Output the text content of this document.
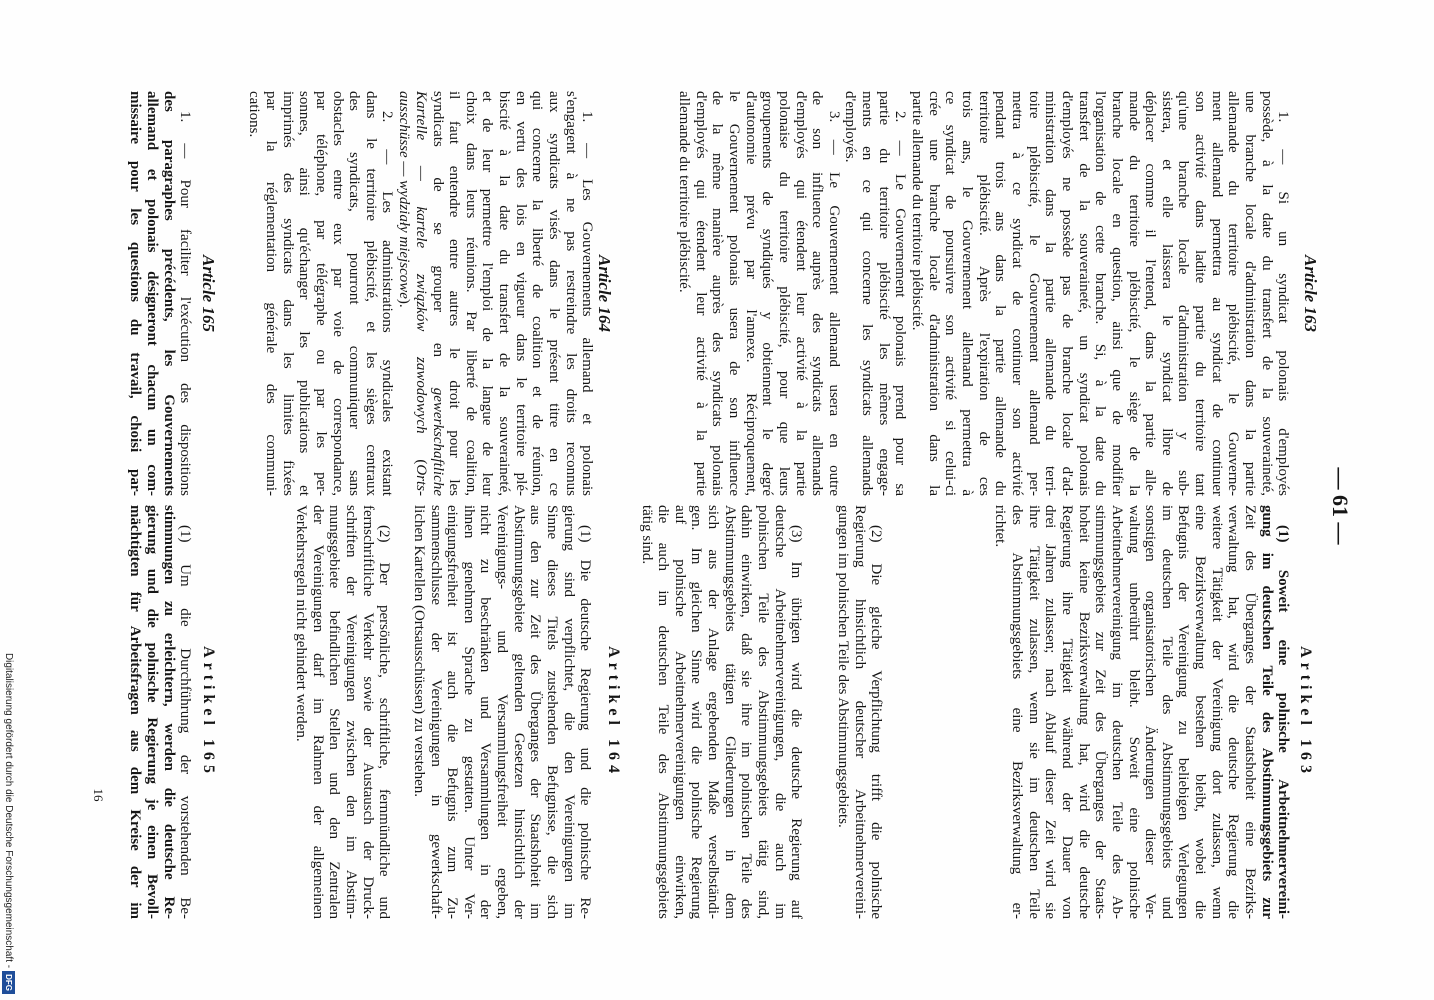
— 61 —
Article 163
1. — Si un syndicat polonais d'employés
possède, à la date du transfert de la souveraineté,
une branche locale d'administration dans la partie
allemande du territoire plébiscité, le Gouverne-
ment allemand permettra au syndicat de continuer
son activité dans ladite partie du territoire tant
qu'une branche locale d'administration y sub-
sistera, et elle laissera le syndicat libre de
déplacer comme il l'entend, dans la partie alle-
mande du territoire plébiscité, le siège de la
branche locale en question, ainsi que de modifier
l'organisation de cette branche. Si, à la date du
transfert de la souveraineté, un syndicat polonais
d'employés ne possède pas de branche locale d'ad-
ministration dans la partie allemande du terri-
toire plébiscité, le Gouvernement allemand per-
mettra à ce syndicat de continuer son activité
pendant trois ans dans la partie allemande du
territoire plébiscité. Après l'expiration de ces
trois ans, le Gouvernement allemand permettra à
ce syndicat de poursuivre son activité si celui-ci
crée une branche locale d'administration dans la
partie allemande du territoire plébiscité.
2. — Le Gouvernement polonais prend pour sa
partie du territoire plébiscité les mêmes engage-
ments en ce qui concerne les syndicats allemands
d'employés.
3. — Le Gouvernement allemand usera en outre
de son influence auprès des syndicats allemands
d'employés qui étendent leur activité à la partie
polonaise du territoire plébiscité, pour que leurs
groupements de syndiqués y obtiennent le degré
d'autonomie prévu par l'annexe. Réciproquement,
le Gouvernement polonais usera de son influence
de la même manière auprès des syndicats polonais
d'employés qui étendent leur activité à la partie
allemande du territoire plébiscité.
Article 164
1. — Les Gouvernements allemand et polonais
s'engagent à ne pas restreindre les droits reconnus
aux syndicats visés dans le présent titre en ce
qui concerne la liberté de coalition et de réunion,
en vertu des lois en vigueur dans le territoire plé-
biscité à la date du transfert de la souveraineté,
et de leur permettre l'emploi de la langue de leur
choix dans leurs réunions. Par liberté de coalition,
il faut entendre entre autres le droit pour les
syndicats de se grouper en gewerkschaftliche
Kartelle — kartele związków zawodowych (Orts-
ausschüsse — wydziały miejscowe).
2. — Les administrations syndicales existant
dans le territoire plébiscité, et les sièges centraux
des syndicats, pourront communiquer sans
obstacles entre eux par voie de correspondance,
par téléphone, par télégraphe ou par les per-
sonnes, ainsi qu'échanger les publications et
imprimés des syndicats dans les limites fixées
par la réglementation générale des communi-
cations.
Article 165
1. — Pour faciliter l'exécution des dispositions
des paragraphes précédents, les Gouvernements
allemand et polonais désigneront chacun un com-
missaire pour les questions du travail, choisi par-
Artikel 163
(1) Soweit eine polnische Arbeitnehmervereini-
gung im deutschen Teile des Abstimmungsgebiets zur
Zeit des Überganges der Staatshoheit eine Bezirks-
verwaltung hat, wird die deutsche Regierung die
weitere Tätigkeit der Vereinigung dort zulassen, wenn
eine Bezirksverwaltung bestehen bleibt, wobei die
Befugnis der Vereinigung zu beliebigen Verlegungen
im deutschen Teile des Abstimmungsgebiets und
sonstigen organisatorischen Änderungen dieser Ver-
waltung unberührt bleibt. Soweit eine polnische
Arbeitnehmervereinigung im deutschen Teile des Ab-
stimmungsgebiets zur Zeit des Überganges der Staats-
hoheit keine Bezirksverwaltung hat, wird die deutsche
Regierung ihre Tätigkeit während der Dauer von
drei Jahren zulassen; nach Ablauf dieser Zeit wird sie
ihre Tätigkeit zulassen, wenn sie im deutschen Teile
des Abstimmungsgebiets eine Bezirksverwaltung er-
richtet.
(2) Die gleiche Verpflichtung trifft die polnische
Regierung hinsichtlich deutscher Arbeitnehmervereini-
gungen im polnischen Teile des Abstimmungsgebiets.
(3) Im übrigen wird die deutsche Regierung auf
deutsche Arbeitnehmervereinigungen, die auch im
polnischen Teile des Abstimmungsgebiets tätig sind,
dahin einwirken, daß sie ihre im polnischen Teile des
Abstimmungsgebiets tätigen Gliederungen in dem
sich aus der Anlage ergebenden Maße verselbständi-
gen. Im gleichen Sinne wird die polnische Regierung
auf polnische Arbeitnehmervereinigungen einwirken,
die auch im deutschen Teile des Abstimmungsgebiets
tätig sind.
Artikel 164
(1) Die deutsche Regierung und die polnische Re-
gierung sind verpflichtet, die den Vereinigungen im
Sinne dieses Titels zustehenden Befugnisse, die sich
aus den zur Zeit des Überganges der Staatshoheit im
Abstimmungsgebiete geltenden Gesetzen hinsichtlich der
Vereinigungs- und Versammlungsfreiheit ergeben,
nicht zu beschränken und Versammlungen in der
ihnen genehmen Sprache zu gestatten. Unter Ver-
einigungsfreiheit ist auch die Befugnis zum Zu-
sammenschlusse der Vereinigungen in gewerkschaft-
lichen Kartellen (Ortsausschüssen) zu verstehen.
(2) Der persönliche, schriftliche, fernmündliche und
fernschriftliche Verkehr sowie der Austausch der Druck-
schriften der Vereinigungen zwischen den im Abstim-
mungsgebiete befindlichen Stellen und den Zentralen
der Vereinigungen darf im Rahmen der allgemeinen
Verkehrsregeln nicht gehindert werden.
Artikel 165
(1) Um die Durchführung der vorstehenden Be-
stimmungen zu erleichtern, werden die deutsche Re-
gierung und die polnische Regierung je einen Bevoll-
mächtigten für Arbeitsfragen aus dem Kreise der im
16
Digitalisierung gefördert durch die Deutsche Forschungsgemeinschaft -
DFG
